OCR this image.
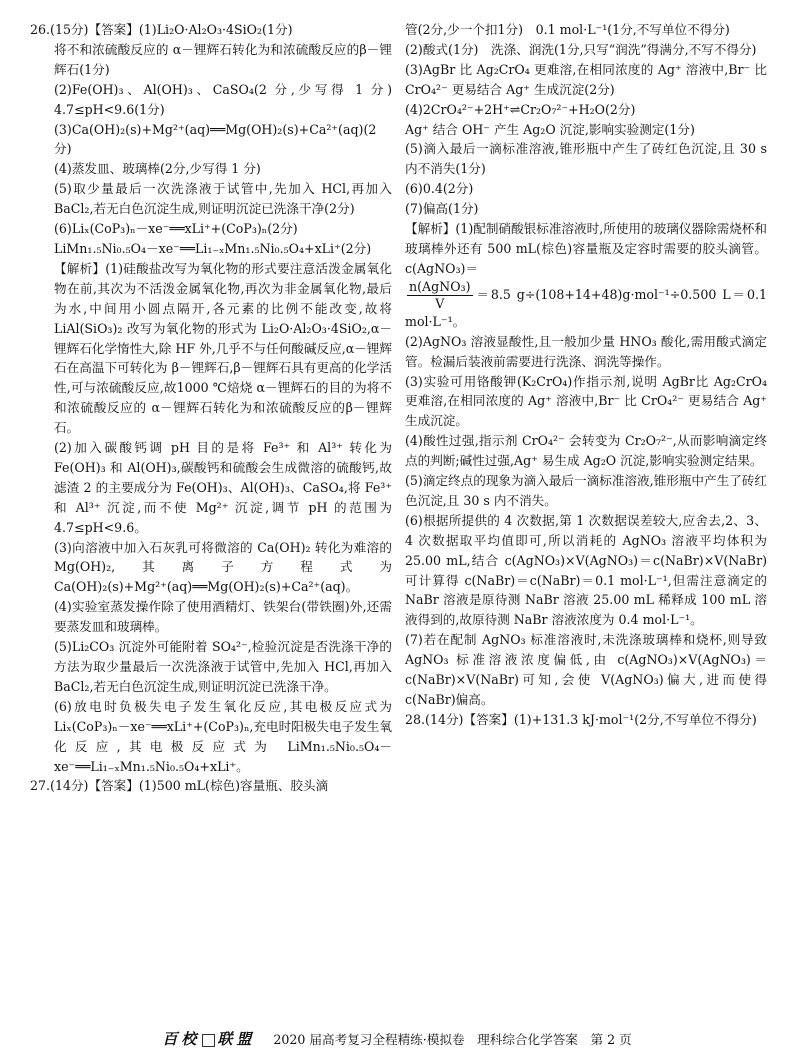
26.(15分)【答案】(1)Li₂O·Al₂O₃·4SiO₂(1分)

将不和浓硫酸反应的 α－锂辉石转化为和浓硫酸反应的β－锂辉石(1分)

(2)Fe(OH)₃、Al(OH)₃、CaSO₄(2 分,少写得 1 分)　4.7≤pH<9.6(1分)

(3)Ca(OH)₂(s)+Mg²⁺(aq)══Mg(OH)₂(s)+Ca²⁺(aq)(2分)

(4)蒸发皿、玻璃棒(2分,少写得 1 分)

(5)取少量最后一次洗涤液于试管中,先加入 HCl,再加入 BaCl₂,若无白色沉淀生成,则证明沉淀已洗涤干净(2分)

(6)Liₓ(CoP₃)ₙ－xe⁻══xLi⁺+(CoP₃)ₙ(2分)

LiMn₁.₅Ni₀.₅O₄－xe⁻══Li₁₋ₓMn₁.₅Ni₀.₅O₄+xLi⁺(2分)

【解析】(1)硅酸盐改写为氧化物的形式要注意活泼金属氧化物在前,其次为不活泼金属氧化物,再次为非金属氧化物,最后为水,中间用小圆点隔开,各元素的比例不能改变,故将 LiAl(SiO₃)₂ 改写为氧化物的形式为 Li₂O·Al₂O₃·4SiO₂,α－锂辉石化学惰性大,除 HF 外,几乎不与任何酸碱反应,α－锂辉石在高温下可转化为 β－锂辉石,β－锂辉石具有更高的化学活性,可与浓硫酸反应,故1000 ℃焙烧 α－锂辉石的目的为将不和浓硫酸反应的 α－锂辉石转化为和浓硫酸反应的β－锂辉石。

(2)加入碳酸钙调 pH 目的是将 Fe³⁺ 和 Al³⁺ 转化为Fe(OH)₃ 和 Al(OH)₃,碳酸钙和硫酸会生成微溶的硫酸钙,故滤渣 2 的主要成分为 Fe(OH)₃、Al(OH)₃、CaSO₄,将 Fe³⁺ 和 Al³⁺ 沉淀,而不使 Mg²⁺ 沉淀,调节 pH 的范围为 4.7≤pH<9.6。

(3)向溶液中加入石灰乳可将微溶的 Ca(OH)₂ 转化为难溶的 Mg(OH)₂,其离子方程式为 Ca(OH)₂(s)+Mg²⁺(aq)══Mg(OH)₂(s)+Ca²⁺(aq)。

(4)实验室蒸发操作除了使用酒精灯、铁架台(带铁圈)外,还需要蒸发皿和玻璃棒。

(5)Li₂CO₃ 沉淀外可能附着 SO₄²⁻,检验沉淀是否洗涤干净的方法为取少量最后一次洗涤液于试管中,先加入 HCl,再加入 BaCl₂,若无白色沉淀生成,则证明沉淀已洗涤干净。

(6)放电时负极失电子发生氧化反应,其电极反应式为 Liₓ(CoP₃)ₙ－xe⁻══xLi⁺+(CoP₃)ₙ,充电时阳极失电子发生氧化反应,其电极反应式为 LiMn₁.₅Ni₀.₅O₄－xe⁻══Li₁₋ₓMn₁.₅Ni₀.₅O₄+xLi⁺。

27.(14分)【答案】(1)500 mL(棕色)容量瓶、胶头滴

管(2分,少一个扣1分)　0.1 mol·L⁻¹(1分,不写单位不得分)

(2)酸式(1分)　洗涤、润洗(1分,只写“润洗”得满分,不写不得分)

(3)AgBr 比 Ag₂CrO₄ 更难溶,在相同浓度的 Ag⁺ 溶液中,Br⁻ 比 CrO₄²⁻ 更易结合 Ag⁺ 生成沉淀(2分)

(4)2CrO₄²⁻+2H⁺⇌Cr₂O₇²⁻+H₂O(2分)

Ag⁺ 结合 OH⁻ 产生 Ag₂O 沉淀,影响实验测定(1分)

(5)滴入最后一滴标准溶液,锥形瓶中产生了砖红色沉淀,且 30 s 内不消失(1分)

(6)0.4(2分)

(7)偏高(1分)

【解析】(1)配制硝酸银标准溶液时,所使用的玻璃仪器除需烧杯和玻璃棒外还有 500 mL(棕色)容量瓶及定容时需要的胶头滴管。c(AgNO₃)＝

$\frac{\text{n(AgNO₃)}}{V} =8.5$ g÷(108+14+48)g·mol⁻¹÷0.500 L＝0.1 mol·L⁻¹。

(2)AgNO₃ 溶液显酸性,且一般加少量 HNO₃ 酸化,需用酸式滴定管。检漏后装液前需要进行洗涤、润洗等操作。

(3)实验可用铬酸钾(K₂CrO₄)作指示剂,说明 AgBr比 Ag₂CrO₄ 更难溶,在相同浓度的 Ag⁺ 溶液中,Br⁻ 比 CrO₄²⁻ 更易结合 Ag⁺ 生成沉淀。

(4)酸性过强,指示剂 CrO₄²⁻ 会转变为 Cr₂O₇²⁻,从而影响滴定终点的判断;碱性过强,Ag⁺ 易生成 Ag₂O 沉淀,影响实验测定结果。

(5)滴定终点的现象为滴入最后一滴标准溶液,锥形瓶中产生了砖红色沉淀,且 30 s 内不消失。

(6)根据所提供的 4 次数据,第 1 次数据误差较大,应舍去,2、3、4 次数据取平均值即可,所以消耗的 AgNO₃ 溶液平均体积为 25.00 mL,结合 c(AgNO₃)×V(AgNO₃)＝c(NaBr)×V(NaBr)可计算得 c(NaBr)＝c(NaBr)＝0.1 mol·L⁻¹,但需注意滴定的 NaBr 溶液是原待测 NaBr 溶液 25.00 mL 稀释成 100 mL 溶液得到的,故原待测 NaBr 溶液浓度为 0.4 mol·L⁻¹。

(7)若在配制 AgNO₃ 标准溶液时,未洗涤玻璃棒和烧杯,则导致 AgNO₃ 标准溶液浓度偏低,由 c(AgNO₃)×V(AgNO₃)＝c(NaBr)×V(NaBr)可知,会使 V(AgNO₃)偏大,进而使得 c(NaBr)偏高。

28.(14分)【答案】(1)+131.3 kJ·mol⁻¹(2分,不写单位不得分)

百校 联盟 2020 届高考复习全程精练·模拟卷　理科综合化学答案　第 2 页
